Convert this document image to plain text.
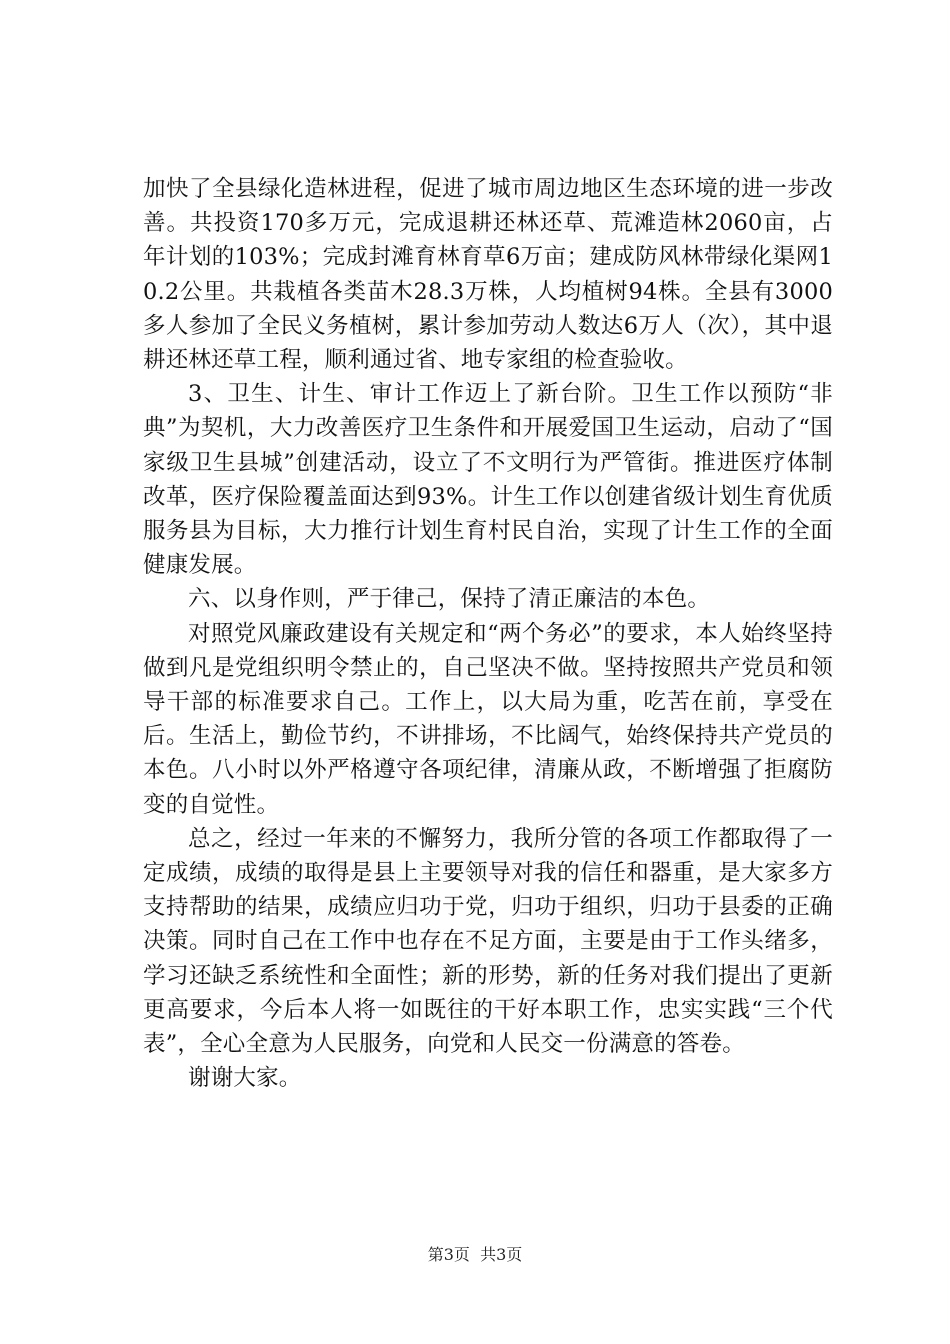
加快了全县绿化造林进程，促进了城市周边地区生态环境的进一步改善。共投资170多万元，完成退耕还林还草、荒滩造林2060亩，占年计划的103%；完成封滩育林育草6万亩；建成防风林带绿化渠网10.2公里。共栽植各类苗木28.3万株，人均植树94株。全县有3000多人参加了全民义务植树，累计参加劳动人数达6万人（次），其中退耕还林还草工程，顺利通过省、地专家组的检查验收。

3、卫生、计生、审计工作迈上了新台阶。卫生工作以预防“非典”为契机，大力改善医疗卫生条件和开展爱国卫生运动，启动了“国家级卫生县城”创建活动，设立了不文明行为严管街。推进医疗体制改革，医疗保险覆盖面达到93%。计生工作以创建省级计划生育优质服务县为目标，大力推行计划生育村民自治，实现了计生工作的全面健康发展。

六、以身作则，严于律己，保持了清正廉洁的本色。

对照党风廉政建设有关规定和“两个务必”的要求，本人始终坚持做到凡是党组织明令禁止的，自己坚决不做。坚持按照共产党员和领导干部的标准要求自己。工作上，以大局为重，吃苦在前，享受在后。生活上，勤俭节约，不讲排场，不比阔气，始终保持共产党员的本色。八小时以外严格遵守各项纪律，清廉从政，不断增强了拒腐防变的自觉性。

总之，经过一年来的不懈努力，我所分管的各项工作都取得了一定成绩，成绩的取得是县上主要领导对我的信任和器重，是大家多方支持帮助的结果，成绩应归功于党，归功于组织，归功于县委的正确决策。同时自己在工作中也存在不足方面，主要是由于工作头绪多，学习还缺乏系统性和全面性；新的形势，新的任务对我们提出了更新更高要求，今后本人将一如既往的干好本职工作，忠实实践“三个代表”，全心全意为人民服务，向党和人民交一份满意的答卷。

谢谢大家。

第3页  共3页
